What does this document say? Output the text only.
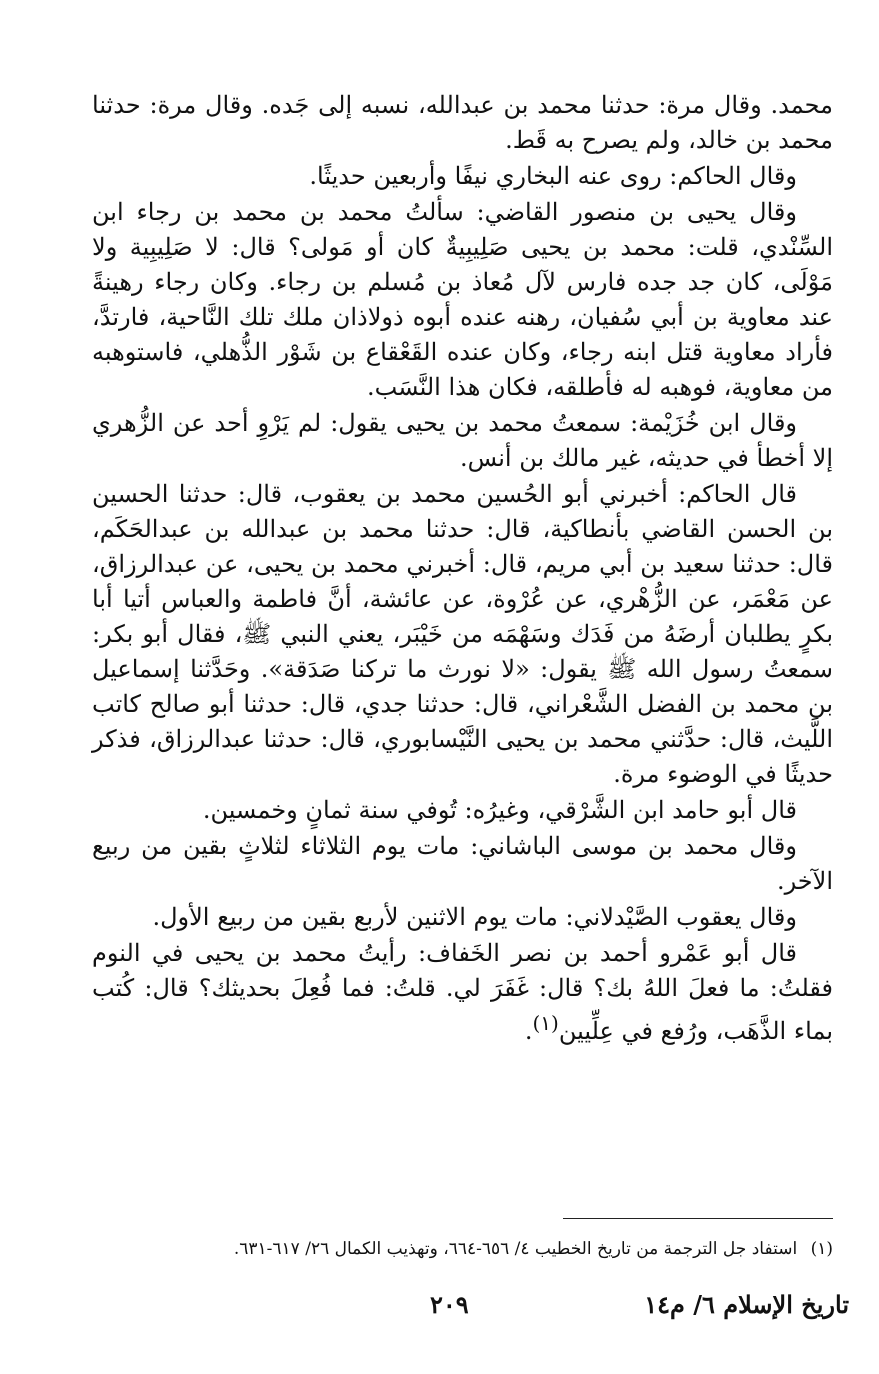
محمد. وقال مرة: حدثنا محمد بن عبدالله، نسبه إلى جَده. وقال مرة: حدثنا محمد بن خالد، ولم يصرح به قَط.

وقال الحاكم: روى عنه البخاري نيفًا وأربعين حديثًا.

وقال يحيى بن منصور القاضي: سألتُ محمد بن محمد بن رجاء ابن السِّنْدي، قلت: محمد بن يحيى صَلِيبِيةٌ كان أو مَولى؟ قال: لا صَلِيبِية ولا مَوْلَى، كان جد جده فارس لآل مُعاذ بن مُسلم بن رجاء. وكان رجاء رهينةً عند معاوية بن أبي سُفيان، رهنه عنده أبوه ذولاذان ملك تلك النَّاحية، فارتدَّ، فأراد معاوية قتل ابنه رجاء، وكان عنده القَعْقاع بن شَوْر الذُّهلي، فاستوهبه من معاوية، فوهبه له فأطلقه، فكان هذا النَّسَب.

وقال ابن خُزَيْمة: سمعتُ محمد بن يحيى يقول: لم يَرْوِ أحد عن الزُّهري إلا أخطأ في حديثه، غير مالك بن أنس.

قال الحاكم: أخبرني أبو الحُسين محمد بن يعقوب، قال: حدثنا الحسين بن الحسن القاضي بأنطاكية، قال: حدثنا محمد بن عبدالله بن عبدالحَكَم، قال: حدثنا سعيد بن أبي مريم، قال: أخبرني محمد بن يحيى، عن عبدالرزاق، عن مَعْمَر، عن الزُّهْري، عن عُرْوة، عن عائشة، أنَّ فاطمة والعباس أتيا أبا بكرٍ يطلبان أرضَهُ من فَدَك وسَهْمَه من خَيْبَر، يعني النبي ﷺ، فقال أبو بكر: سمعتُ رسول الله ﷺ يقول: «لا نورث ما تركنا صَدَقة». وحَدَّثنا إسماعيل بن محمد بن الفضل الشَّعْراني، قال: حدثنا جدي، قال: حدثنا أبو صالح كاتب اللَّيث، قال: حدَّثني محمد بن يحيى النَّيْسابوري، قال: حدثنا عبدالرزاق، فذكر حديثًا في الوضوء مرة.

قال أبو حامد ابن الشَّرْقي، وغيرُه: تُوفي سنة ثمانٍ وخمسين.

وقال محمد بن موسى الباشاني: مات يوم الثلاثاء لثلاثٍ بقين من ربيع الآخر.

وقال يعقوب الصَّيْدلاني: مات يوم الاثنين لأربع بقين من ربيع الأول.

قال أبو عَمْرو أحمد بن نصر الخَفاف: رأيتُ محمد بن يحيى في النوم فقلتُ: ما فعلَ اللهُ بك؟ قال: غَفَرَ لي. قلتُ: فما فُعِلَ بحديثك؟ قال: كُتب بماء الذَّهَب، ورُفع في عِلِّيين$^{(١)}$.

(١) استفاد جل الترجمة من تاريخ الخطيب ٤/ ٦٥٦-٦٦٤، وتهذيب الكمال ٢٦/ ٦١٧-٦٣١.
تاريخ الإسلام ٦/ م١٤
٢٠٩
